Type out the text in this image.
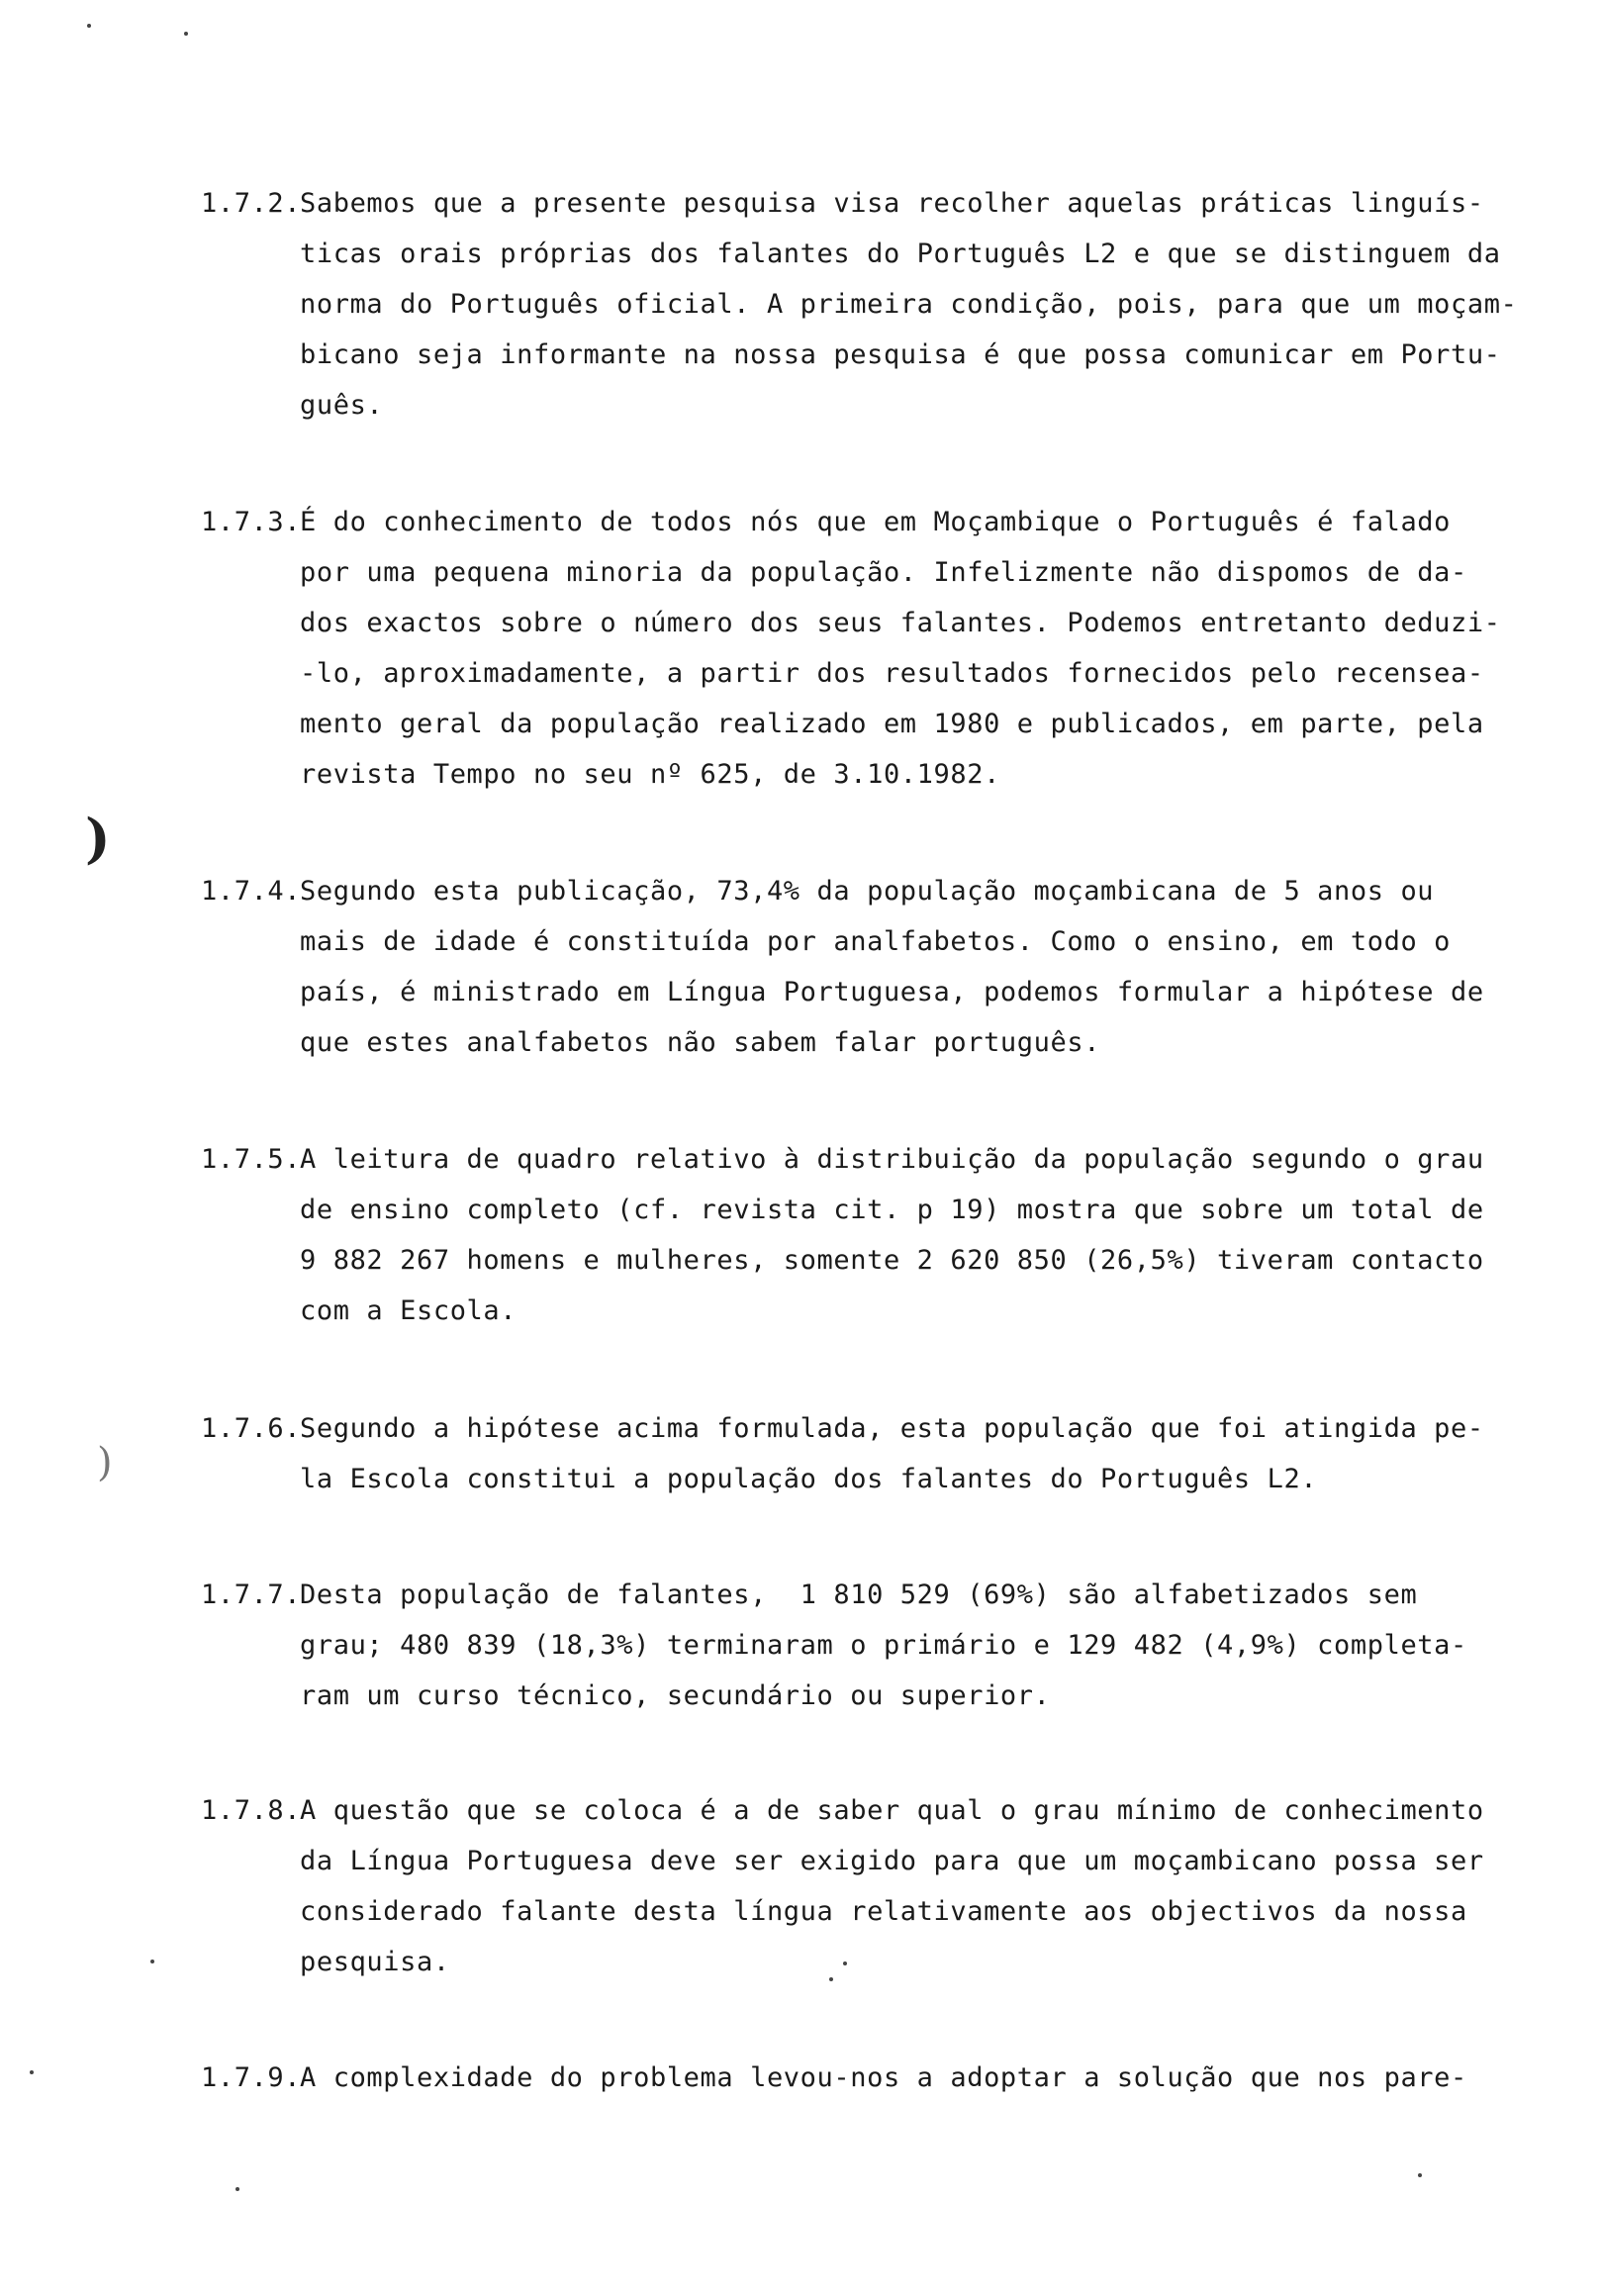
)
)
1.7.2.Sabemos que a presente pesquisa visa recolher aquelas práticas linguís-
ticas orais próprias dos falantes do Português L2 e que se distinguem da
norma do Português oficial. A primeira condição, pois, para que um moçam-
bicano seja informante na nossa pesquisa é que possa comunicar em Portu-
guês.
1.7.3.É do conhecimento de todos nós que em Moçambique o Português é falado
por uma pequena minoria da população. Infelizmente não dispomos de da-
dos exactos sobre o número dos seus falantes. Podemos entretanto deduzi-
-lo, aproximadamente, a partir dos resultados fornecidos pelo recensea-
mento geral da população realizado em 1980 e publicados, em parte, pela
revista Tempo no seu nº 625, de 3.10.1982.
1.7.4.Segundo esta publicação, 73,4% da população moçambicana de 5 anos ou
mais de idade é constituída por analfabetos. Como o ensino, em todo o
país, é ministrado em Língua Portuguesa, podemos formular a hipótese de
que estes analfabetos não sabem falar português.
1.7.5.A leitura de quadro relativo à distribuição da população segundo o grau
de ensino completo (cf. revista cit. p 19) mostra que sobre um total de
9 882 267 homens e mulheres, somente 2 620 850 (26,5%) tiveram contacto
com a Escola.
1.7.6.Segundo a hipótese acima formulada, esta população que foi atingida pe-
la Escola constitui a população dos falantes do Português L2.
1.7.7.Desta população de falantes,  1 810 529 (69%) são alfabetizados sem
grau; 480 839 (18,3%) terminaram o primário e 129 482 (4,9%) completa-
ram um curso técnico, secundário ou superior.
1.7.8.A questão que se coloca é a de saber qual o grau mínimo de conhecimento
da Língua Portuguesa deve ser exigido para que um moçambicano possa ser
considerado falante desta língua relativamente aos objectivos da nossa
pesquisa.
1.7.9.A complexidade do problema levou-nos a adoptar a solução que nos pare-
